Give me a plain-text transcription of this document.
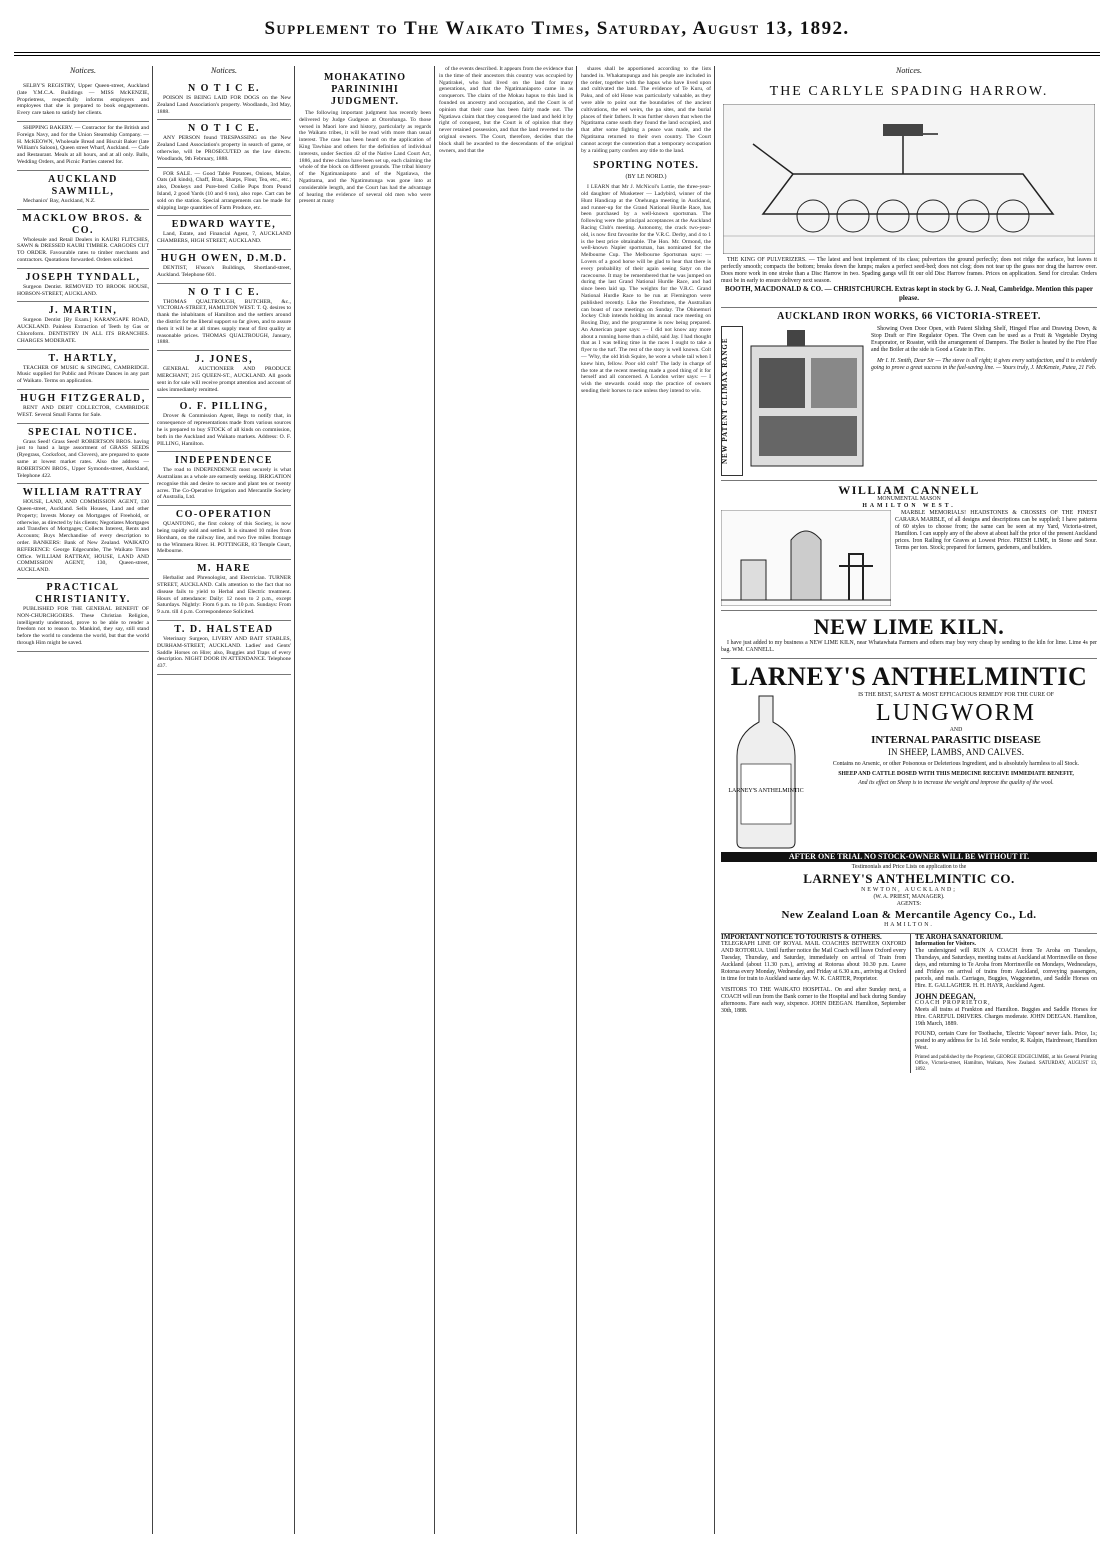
Supplement to The Waikato Times, Saturday, August 13, 1892.
Notices.

SELBY'S REGISTRY, Upper Queen-street, Auckland (late Y.M.C.A. Buildings — MISS McKENZIE, Proprietress, respectfully informs employers and employees that she is prepared to book engagements. Every care taken to satisfy her clients.

SHIPPING BAKERY. — Contractor for the British and Foreign Navy, and for the Union Steamship Company. — H. McKEOWN, Wholesale Bread and Biscuit Baker (late William's Saloon), Queen street Wharf, Auckland. — Cafe and Restaurant. Meals at all hours, and at all only. Balls, Wedding Orders, and Picnic Parties catered for.

AUCKLAND SAWMILL,

Mechanics' Bay, Auckland, N.Z.

MACKLOW BROS. & CO.

Wholesale and Retail Dealers in KAURI FLITCHES, SAWN & DRESSED KAURI TIMBER. CARGOES CUT TO ORDER. Favourable rates to timber merchants and contractors. Quotations forwarded. Orders solicited.

JOSEPH TYNDALL,

Surgeon Dentist. REMOVED TO BROOK HOUSE, HOBSON-STREET, AUCKLAND.

J. MARTIN,

Surgeon Dentist [By Exam.] KARANGAPE ROAD, AUCKLAND. Painless Extraction of Teeth by Gas or Chloroform. DENTISTRY IN ALL ITS BRANCHES. CHARGES MODERATE.

T. HARTLY,

TEACHER OF MUSIC & SINGING, CAMBRIDGE. Music supplied for Public and Private Dances in any part of Waikato. Terms on application.

HUGH FITZGERALD,

RENT AND DEBT COLLECTOR, CAMBRIDGE WEST. Several Small Farms for Sale.

SPECIAL NOTICE.

Grass Seed! Grass Seed! ROBERTSON BROS. having just to hand a large assortment of GRASS SEEDS (Ryegrass, Cocksfoot, and Clovers), are prepared to quote same at lowest market rates. Also the address — ROBERTSON BROS., Upper Symonds-street, Auckland, Telephone 422.

WILLIAM RATTRAY

HOUSE, LAND, AND COMMISSION AGENT, 130 Queen-street, Auckland. Sells Houses, Land and other Property; Invests Money on Mortgages of Freehold, or otherwise, as directed by his clients; Negotiates Mortgages and Transfers of Mortgages; Collects Interest, Rents and Accounts; Buys Merchandise of every description to order. BANKERS: Bank of New Zealand. WAIKATO REFERENCE: George Edgecumbe, The Waikato Times Office. WILLIAM RATTRAY, HOUSE, LAND AND COMMISSION AGENT, 130, Queen-street, AUCKLAND.

PRACTICAL CHRISTIANITY.

PUBLISHED FOR THE GENERAL BENEFIT OF NON-CHURCHGOERS. These Christian Religion, intelligently understood, prove to be able to render a freedom not to reason to. Mankind, they say, still stand before the world to condemn the world, but that the world through Him might be saved.

Notices.
N O T I C E.

POISON IS BEING LAID FOR DOGS on the New Zealand Land Association's property. Woodlands, 3rd May, 1888.

N O T I C E.

ANY PERSON found TRESPASSING on the New Zealand Land Association's property in search of game, or otherwise, will be PROSECUTED as the law directs. Woodlands, 9th February, 1888.

FOR SALE. — Good Table Potatoes, Onions, Maize, Oats (all kinds), Chaff, Bran, Sharps, Flour, Tea, etc., etc.; also, Donkeys and Pure-bred Collie Pups from Pound Island, 2 good Yards (10 and 6 ton), also rope. Cart can be sold on the station. Special arrangements can be made for shipping large quantities of Farm Produce, etc.

EDWARD WAYTE,

Land, Estate, and Financial Agent, 7, AUCKLAND CHAMBERS, HIGH STREET, AUCKLAND.

HUGH OWEN, D.M.D.

DENTIST, H'sson's Buildings, Shortland-street, Auckland. Telephone 601.

N O T I C E.

THOMAS QUALTROUGH, BUTCHER, &c., VICTORIA-STREET, HAMILTON WEST. T. Q. desires to thank the inhabitants of Hamilton and the settlers around the district for the liberal support so far given, and to assure them it will be at all times supply meat of first quality at reasonable prices. THOMAS QUALTROUGH, January, 1888.

J. JONES,

GENERAL AUCTIONEER AND PRODUCE MERCHANT, 215 QUEEN-ST., AUCKLAND. All goods sent in for sale will receive prompt attention and account of sales immediately remitted.

O. F. PILLING,

Drover & Commission Agent, Begs to notify that, in consequence of representations made from various sources he is prepared to buy STOCK of all kinds on commission, both in the Auckland and Waikato markets. Address: O. F. PILLING, Hamilton.

INDEPENDENCE

The road to INDEPENDENCE most securely is what Australians as a whole are earnestly seeking. IRRIGATION recognise this and desire to secure and plant ten or twenty acres. The Co-Operative Irrigation and Mercantile Society of Australia, Ltd.

CO-OPERATION

QUANTONG, the first colony of this Society, is now being rapidly sold and settled. It is situated 10 miles from Horsham, on the railway line, and two five miles frontage to the Wimmera River. H. POTTINGER, 83 Temple Court, Melbourne.

M. HARE

Herbalist and Phrenologist, and Electrician. TURNER STREET, AUCKLAND. Calls attention to the fact that no disease fails to yield to Herbal and Electric treatment. Hours of attendance: Daily: 12 noon to 2 p.m., except Saturdays. Nightly: From 6 p.m. to 10 p.m. Sundays: From 9 a.m. till 4 p.m. Correspondence Solicited.

T. D. HALSTEAD

Veterinary Surgeon, LIVERY AND BAIT STABLES, DURHAM-STREET, AUCKLAND. Ladies' and Gents' Saddle Horses on Hire; also, Buggies and Traps of every description. NIGHT DOOR IN ATTENDANCE. Telephone 437.

MOHAKATINO PARININIHI JUDGMENT.

The following important judgment has recently been delivered by Judge Gudgeon at Otorohanga. To those versed in Maori lore and history, particularly as regards the Waikato tribes, it will be read with more than usual interest. The case has been heard on the application of King Tawhiao and others for the definition of individual interests, under Section 42 of the Native Land Court Act, 1886, and three claims have been set up, each claiming the whole of the block on different grounds. The tribal history of the Ngatimaniapoto and of the Ngatiawa, the Ngatitama, and the Ngatimutunga was gone into at considerable length, and the Court has had the advantage of hearing the evidence of several old men who were present at many

of the events described. It appears from the evidence that in the time of their ancestors this country was occupied by Ngatirakei, who had lived on the land for many generations, and that the Ngatimaniapoto came in as conquerors. The claim of the Mokau hapus to this land is founded on ancestry and occupation, and the Court is of opinion that their case has been fairly made out. The Ngatiawa claim that they conquered the land and held it by right of conquest, but the Court is of opinion that they never retained possession, and that the land reverted to the original owners. The Court, therefore, decides that the block shall be awarded to the descendants of the original owners, and that the

shares shall be apportioned according to the lists handed in. Whakatupunga and his people are included in the order, together with the hapus who have lived upon and cultivated the land. The evidence of Te Kuru, of Paku, and of old Hone was particularly valuable, as they were able to point out the boundaries of the ancient cultivations, the eel weirs, the pa sites, and the burial places of their fathers. It was further shown that when the Ngatitama came south they found the land occupied, and that after some fighting a peace was made, and the Ngatitama returned to their own country. The Court cannot accept the contention that a temporary occupation by a raiding party confers any title to the land.

SPORTING NOTES.
(BY LE NORD.)

I LEARN that Mr J. McNicol's Lottie, the three-year-old daughter of Musketeer — Ladybird, winner of the Hunt Handicap at the Onehunga meeting in Auckland, and runner-up for the Grand National Hurdle Race, has been purchased by a well-known sportsman. The following were the principal acceptances at the Auckland Racing Club's meeting. Autonomy, the crack two-year-old, is now first favourite for the V.R.C. Derby, and 4 to 1 is the best price obtainable. The Hon. Mr. Ormond, the well-known Napier sportsman, has nominated for the Melbourne Cup. The Melbourne Sportsman says: — Lovers of a good horse will be glad to hear that there is every probability of their again seeing Satyr on the racecourse. It may be remembered that he was jumped on during the last Grand National Hurdle Race, and had since been laid up. The weights for the V.R.C. Grand National Hurdle Race to be run at Flemington were published recently. Like the Frenchmen, the Australian can boast of race meetings on Sunday. The Ohinemuri Jockey Club intends holding its annual race meeting on Boxing Day, and the programme is now being prepared. An American paper says: — I did not know any more about a running horse than a child, said Jay. I had thought that as I was telling time in the races I ought to take a flyer to the turf. The rest of the story is well known. Colt — 'Why, the old Irish Squire, he wore a whole tail when I knew him, fellow. Poor old colt!' The lady in charge of the tote at the recent meeting made a good thing of it for herself and all concerned. A London writer says: — I wish the stewards could stop the practice of owners sending their horses to race unless they intend to win.

Notices.
THE CARLYLE SPADING HARROW.

THE KING OF PULVERIZERS. — The latest and best implement of its class; pulverizes the ground perfectly; does not ridge the surface, but leaves it perfectly smooth; compacts the bottom; breaks down the lumps; makes a perfect seed-bed; does not clog; does not tear up the grass nor drag the harrow over. Does more work in one stroke than a Disc Harrow in two. Spading gangs will fit our old Disc Harrow frames. Prices on application. Send for circular. Orders must be in early to ensure delivery next season.

BOOTH, MACDONALD & CO. — CHRISTCHURCH. Extras kept in stock by G. J. Neal, Cambridge. Mention this paper please.

AUCKLAND IRON WORKS, 66 VICTORIA-STREET.
NEW PATENT CLIMAX RANGE

Showing Oven Door Open, with Patent Sliding Shelf, Hinged Flue and Drawing Down, & Stop Draft or Fire Regulator Open. The Oven can be used as a Fruit & Vegetable Drying Evaporator, or Roaster, with the arrangement of Dampers. The Boiler is heated by the Fire Flue and the Boiler at the side is Good a Grate in Fire.

Mr I. H. Smith, Dear Sir — The stove is all right; it gives every satisfaction, and it is evidently going to prove a great success in the fuel-saving line. — Yours truly, J. McKenzie, Putea, 21 Feb.

WILLIAM CANNELL

MONUMENTAL MASON

HAMILTON WEST.

MARBLE MEMORIALS! HEADSTONES & CROSSES OF THE FINEST CARARA MARBLE, of all designs and descriptions can be supplied; I have patterns of 60 styles to choose from; the same can be seen at my Yard, Victoria-street, Hamilton. I can supply any of the above at about half the price of the present Auckland prices. Iron Railing for Graves at Lowest Price. FRESH LIME, in Stone and Sour. Terms per ton. Stock; prepared for farmers, gardeners, and builders.

NEW LIME KILN.

I have just added to my business a NEW LIME KILN, near Whatawhata Farmers and others may buy very cheap by sending to the kiln for lime. Lime 4s per bag. WM. CANNELL.

LARNEY'S ANTHELMINTIC
LARNEY'S ANTHELMINTIC

IS THE BEST, SAFEST & MOST EFFICACIOUS REMEDY FOR THE CURE OF

LUNGWORM
AND
INTERNAL PARASITIC DISEASE
IN SHEEP, LAMBS, AND CALVES.

Contains no Arsenic, or other Poisonous or Deleterious Ingredient, and is absolutely harmless to all Stock.

SHEEP AND CATTLE DOSED WITH THIS MEDICINE RECEIVE IMMEDIATE BENEFIT,

And its effect on Sheep is to increase the weight and improve the quality of the wool.

AFTER ONE TRIAL NO STOCK-OWNER WILL BE WITHOUT IT.

Testimonials and Price Lists on application to the

LARNEY'S ANTHELMINTIC CO.

NEWTON, AUCKLAND;

(W. A. PRIEST, MANAGER).

AGENTS:

New Zealand Loan & Mercantile Agency Co., Ld.

HAMILTON.

IMPORTANT NOTICE TO TOURISTS & OTHERS.

TELEGRAPH LINE OF ROYAL MAIL COACHES BETWEEN OXFORD AND ROTORUA. Until further notice the Mail Coach will leave Oxford every Tuesday, Thursday, and Saturday, immediately on arrival of Train from Auckland (about 11.30 p.m.), arriving at Rotorua about 10.30 p.m. Leave Rotorua every Monday, Wednesday, and Friday at 6.30 a.m., arriving at Oxford in time for train to Auckland same day. W. K. CARTER, Proprietor.

VISITORS TO THE WAIKATO HOSPITAL. On and after Sunday next, a COACH will run from the Bank corner to the Hospital and back during Sunday afternoons. Fare each way, sixpence. JOHN DEEGAN. Hamilton, September 30th, 1888.

TE AROHA SANATORIUM.

Information for Visitors.

The undersigned will RUN A COACH from Te Aroha on Tuesdays, Thursdays, and Saturdays, meeting trains at Auckland at Morrinsville on those days, and returning to Te Aroha from Morrinsville on Mondays, Wednesdays, and Fridays on arrival of trains from Auckland, conveying passengers, parcels, and mails. Carriages, Buggies, Waggonettes, and Saddle Horses on Hire. E. GALLAGHER. H. H. HAYR, Auckland Agent.

JOHN DEEGAN,

COACH PROPRIETOR,

Meets all trains at Frankton and Hamilton. Buggies and Saddle Horses for Hire. CAREFUL DRIVERS. Charges moderate. JOHN DEEGAN. Hamilton, 19th March, 1889.

FOUND, certain Cure for Toothache, 'Electric Vapour' never fails. Price, 1s; posted to any address for 1s 1d. Sole vendor, R. Kalpin, Hairdresser, Hamilton West.

Printed and published by the Proprietor, GEORGE EDGECUMBE, at his General Printing Office, Victoria-street, Hamilton, Waikato, New Zealand. SATURDAY, AUGUST 13, 1892.
